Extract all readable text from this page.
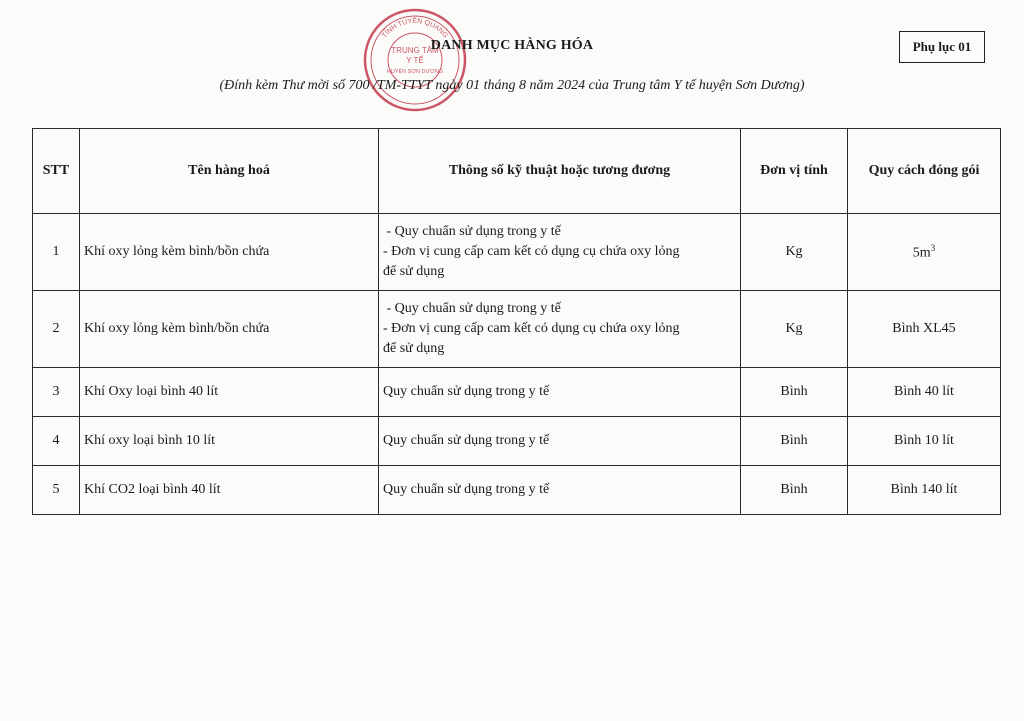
TỈNH TUYÊN QUANG
TRUNG TÂM
Y TẾ
HUYỆN SƠN DƯƠNG
DANH MỤC HÀNG HÓA	Phụ lục 01
(Đính kèm Thư mời số 700 /TM-TTYT ngày 01 tháng 8 năm 2024 của Trung tâm Y tế huyện Sơn Dương)
STT	Tên hàng hoá	Thông số kỹ thuật hoặc tương đương	Đơn vị tính	Quy cách đóng gói
1	Khí oxy lỏng kèm bình/bồn chứa	- Quy chuẩn sử dụng trong y tế
- Đơn vị cung cấp cam kết có dụng cụ chứa oxy lỏng
để sử dụng	Kg	$5m^3$
2	Khí oxy lỏng kèm bình/bồn chứa	- Quy chuẩn sử dụng trong y tế
- Đơn vị cung cấp cam kết có dụng cụ chứa oxy lỏng
để sử dụng	Kg	Bình XL45
3	Khí Oxy loại bình 40 lít	Quy chuẩn sử dụng trong y tế	Bình	Bình 40 lít
4	Khí oxy loại bình 10 lít	Quy chuẩn sử dụng trong y tế	Bình	Bình 10 lít
5	Khí CO2 loại bình 40 lít	Quy chuẩn sử dụng trong y tế	Bình	Bình 140 lít
